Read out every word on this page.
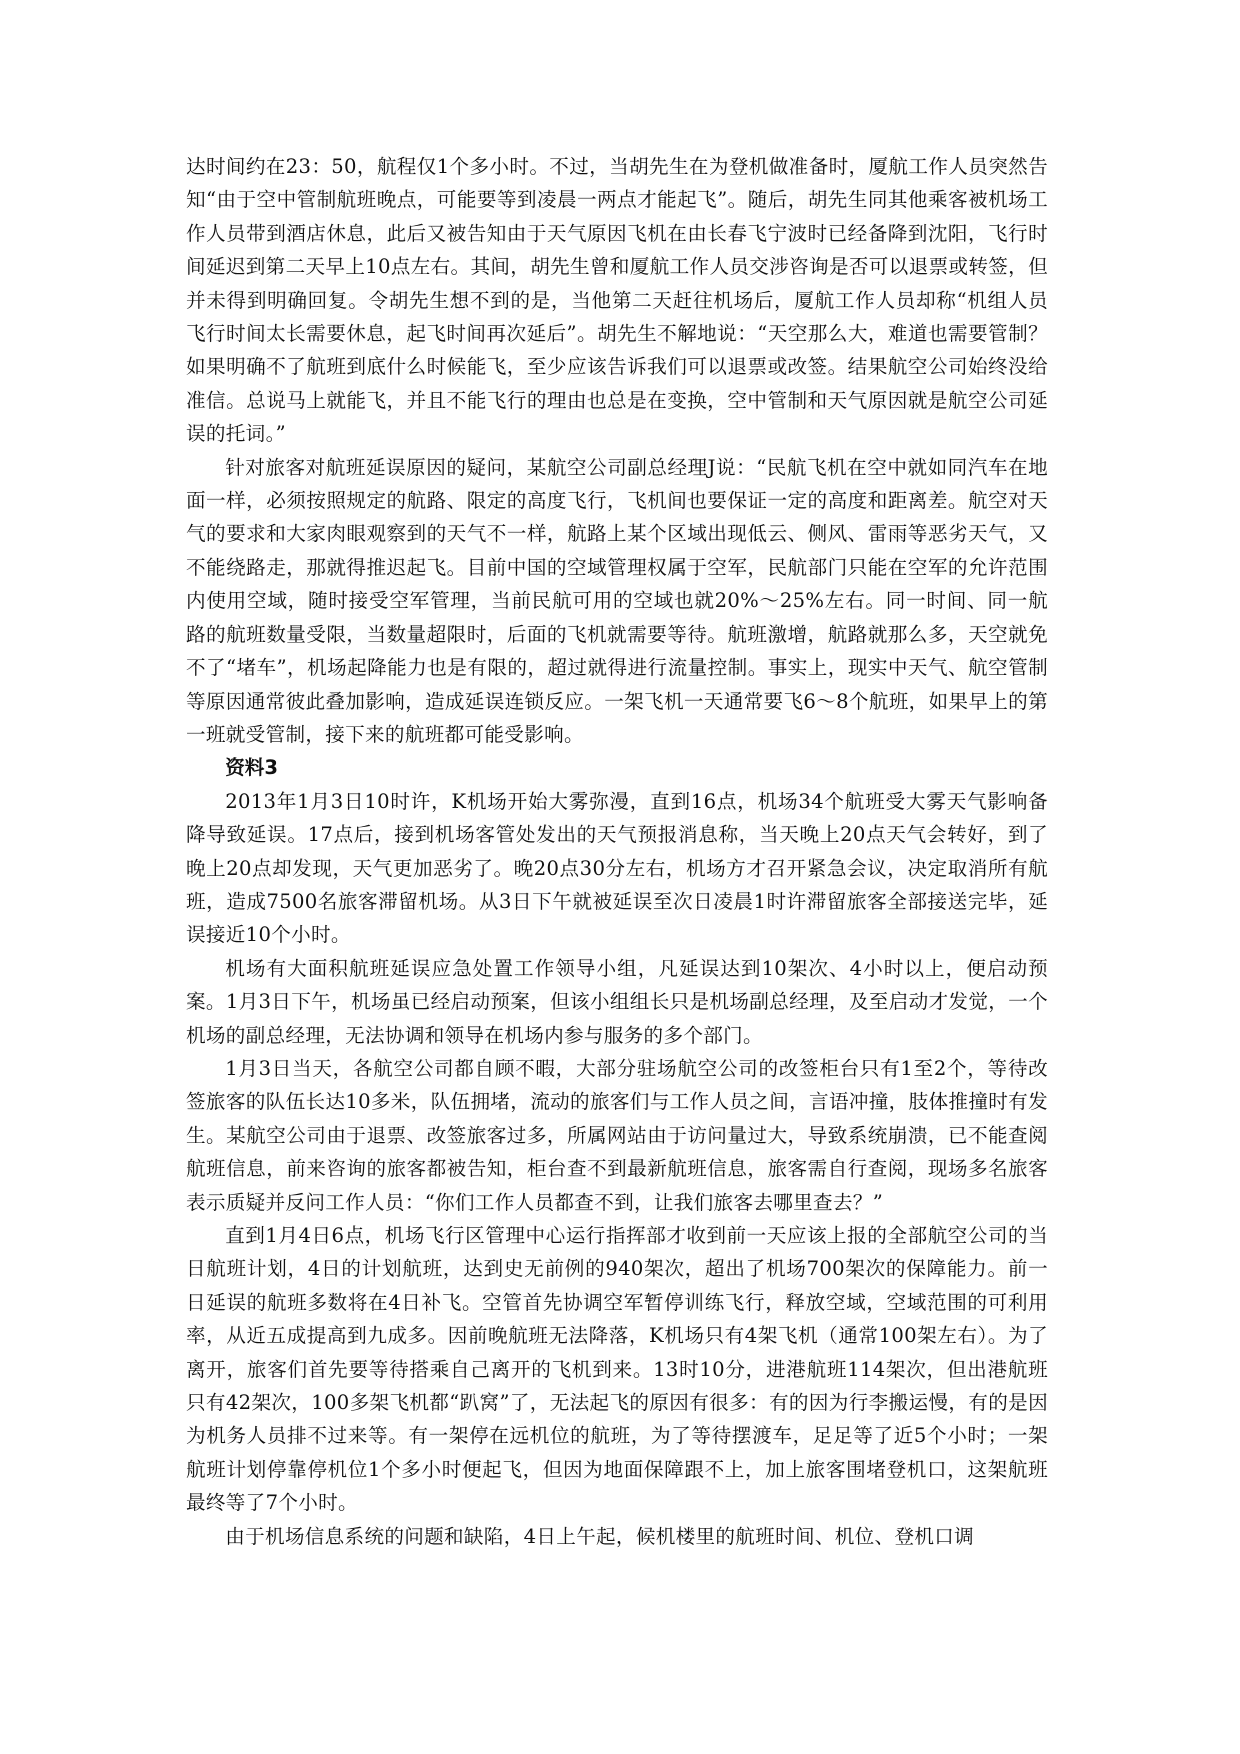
达时间约在23：50，航程仅1个多小时。不过，当胡先生在为登机做准备时，厦航工作人员突然告知“由于空中管制航班晚点，可能要等到凌晨一两点才能起飞”。随后，胡先生同其他乘客被机场工作人员带到酒店休息，此后又被告知由于天气原因飞机在由长春飞宁波时已经备降到沈阳，飞行时间延迟到第二天早上10点左右。其间，胡先生曾和厦航工作人员交涉咨询是否可以退票或转签，但并未得到明确回复。令胡先生想不到的是，当他第二天赶往机场后，厦航工作人员却称“机组人员飞行时间太长需要休息，起飞时间再次延后”。胡先生不解地说：“天空那么大，难道也需要管制？如果明确不了航班到底什么时候能飞，至少应该告诉我们可以退票或改签。结果航空公司始终没给准信。总说马上就能飞，并且不能飞行的理由也总是在变换，空中管制和天气原因就是航空公司延误的托词。”

针对旅客对航班延误原因的疑问，某航空公司副总经理J说：“民航飞机在空中就如同汽车在地面一样，必须按照规定的航路、限定的高度飞行，飞机间也要保证一定的高度和距离差。航空对天气的要求和大家肉眼观察到的天气不一样，航路上某个区域出现低云、侧风、雷雨等恶劣天气，又不能绕路走，那就得推迟起飞。目前中国的空域管理权属于空军，民航部门只能在空军的允许范围内使用空域，随时接受空军管理，当前民航可用的空域也就20%～25%左右。同一时间、同一航路的航班数量受限，当数量超限时，后面的飞机就需要等待。航班激增，航路就那么多，天空就免不了“堵车”，机场起降能力也是有限的，超过就得进行流量控制。事实上，现实中天气、航空管制等原因通常彼此叠加影响，造成延误连锁反应。一架飞机一天通常要飞6～8个航班，如果早上的第一班就受管制，接下来的航班都可能受影响。

资料3

2013年1月3日10时许，K机场开始大雾弥漫，直到16点，机场34个航班受大雾天气影响备降导致延误。17点后，接到机场客管处发出的天气预报消息称，当天晚上20点天气会转好，到了晚上20点却发现，天气更加恶劣了。晚20点30分左右，机场方才召开紧急会议，决定取消所有航班，造成7500名旅客滞留机场。从3日下午就被延误至次日凌晨1时许滞留旅客全部接送完毕，延误接近10个小时。

机场有大面积航班延误应急处置工作领导小组，凡延误达到10架次、4小时以上，便启动预案。1月3日下午，机场虽已经启动预案，但该小组组长只是机场副总经理，及至启动才发觉，一个机场的副总经理，无法协调和领导在机场内参与服务的多个部门。

1月3日当天，各航空公司都自顾不暇，大部分驻场航空公司的改签柜台只有1至2个，等待改签旅客的队伍长达10多米，队伍拥堵，流动的旅客们与工作人员之间，言语冲撞，肢体推撞时有发生。某航空公司由于退票、改签旅客过多，所属网站由于访问量过大，导致系统崩溃，已不能查阅航班信息，前来咨询的旅客都被告知，柜台查不到最新航班信息，旅客需自行查阅，现场多名旅客表示质疑并反问工作人员：“你们工作人员都查不到，让我们旅客去哪里查去？”

直到1月4日6点，机场飞行区管理中心运行指挥部才收到前一天应该上报的全部航空公司的当日航班计划，4日的计划航班，达到史无前例的940架次，超出了机场700架次的保障能力。前一日延误的航班多数将在4日补飞。空管首先协调空军暂停训练飞行，释放空域，空域范围的可利用率，从近五成提高到九成多。因前晚航班无法降落，K机场只有4架飞机（通常100架左右）。为了离开，旅客们首先要等待搭乘自己离开的飞机到来。13时10分，进港航班114架次，但出港航班只有42架次，100多架飞机都“趴窝”了，无法起飞的原因有很多：有的因为行李搬运慢，有的是因为机务人员排不过来等。有一架停在远机位的航班，为了等待摆渡车，足足等了近5个小时；一架航班计划停靠停机位1个多小时便起飞，但因为地面保障跟不上，加上旅客围堵登机口，这架航班最终等了7个小时。

由于机场信息系统的问题和缺陷，4日上午起，候机楼里的航班时间、机位、登机口调
